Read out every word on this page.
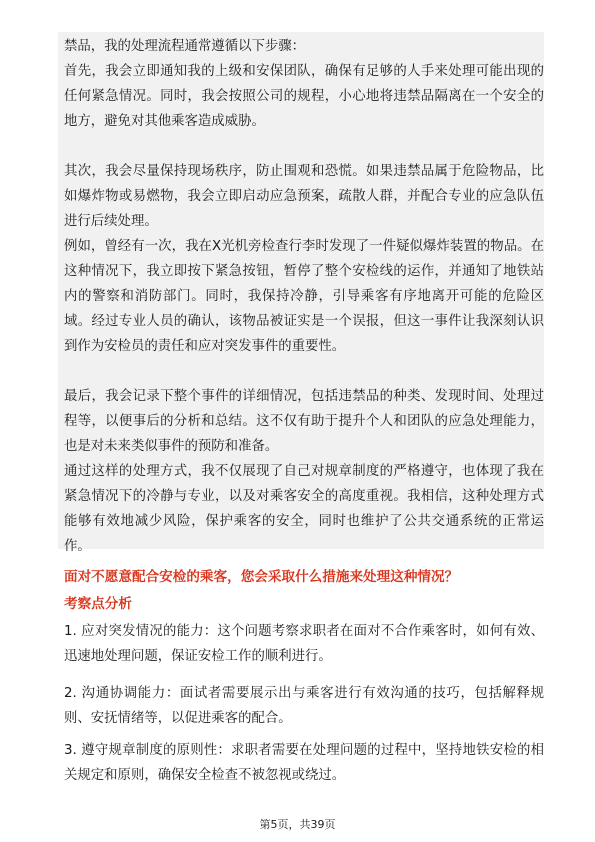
禁品，我的处理流程通常遵循以下步骤：
首先，我会立即通知我的上级和安保团队，确保有足够的人手来处理可能出现的任何紧急情况。同时，我会按照公司的规程，小心地将违禁品隔离在一个安全的地方，避免对其他乘客造成威胁。
其次，我会尽量保持现场秩序，防止围观和恐慌。如果违禁品属于危险物品，比如爆炸物或易燃物，我会立即启动应急预案，疏散人群，并配合专业的应急队伍进行后续处理。
例如，曾经有一次，我在X光机旁检查行李时发现了一件疑似爆炸装置的物品。在这种情况下，我立即按下紧急按钮，暂停了整个安检线的运作，并通知了地铁站内的警察和消防部门。同时，我保持冷静，引导乘客有序地离开可能的危险区域。经过专业人员的确认，该物品被证实是一个误报，但这一事件让我深刻认识到作为安检员的责任和应对突发事件的重要性。
最后，我会记录下整个事件的详细情况，包括违禁品的种类、发现时间、处理过程等，以便事后的分析和总结。这不仅有助于提升个人和团队的应急处理能力，也是对未来类似事件的预防和准备。
通过这样的处理方式，我不仅展现了自己对规章制度的严格遵守，也体现了我在紧急情况下的冷静与专业，以及对乘客安全的高度重视。我相信，这种处理方式能够有效地减少风险，保护乘客的安全，同时也维护了公共交通系统的正常运作。
面对不愿意配合安检的乘客，您会采取什么措施来处理这种情况？
考察点分析
1. 应对突发情况的能力：这个问题考察求职者在面对不合作乘客时，如何有效、迅速地处理问题，保证安检工作的顺利进行。
2. 沟通协调能力：面试者需要展示出与乘客进行有效沟通的技巧，包括解释规则、安抚情绪等，以促进乘客的配合。
3. 遵守规章制度的原则性：求职者需要在处理问题的过程中，坚持地铁安检的相关规定和原则，确保安全检查不被忽视或绕过。
第5页，共39页
